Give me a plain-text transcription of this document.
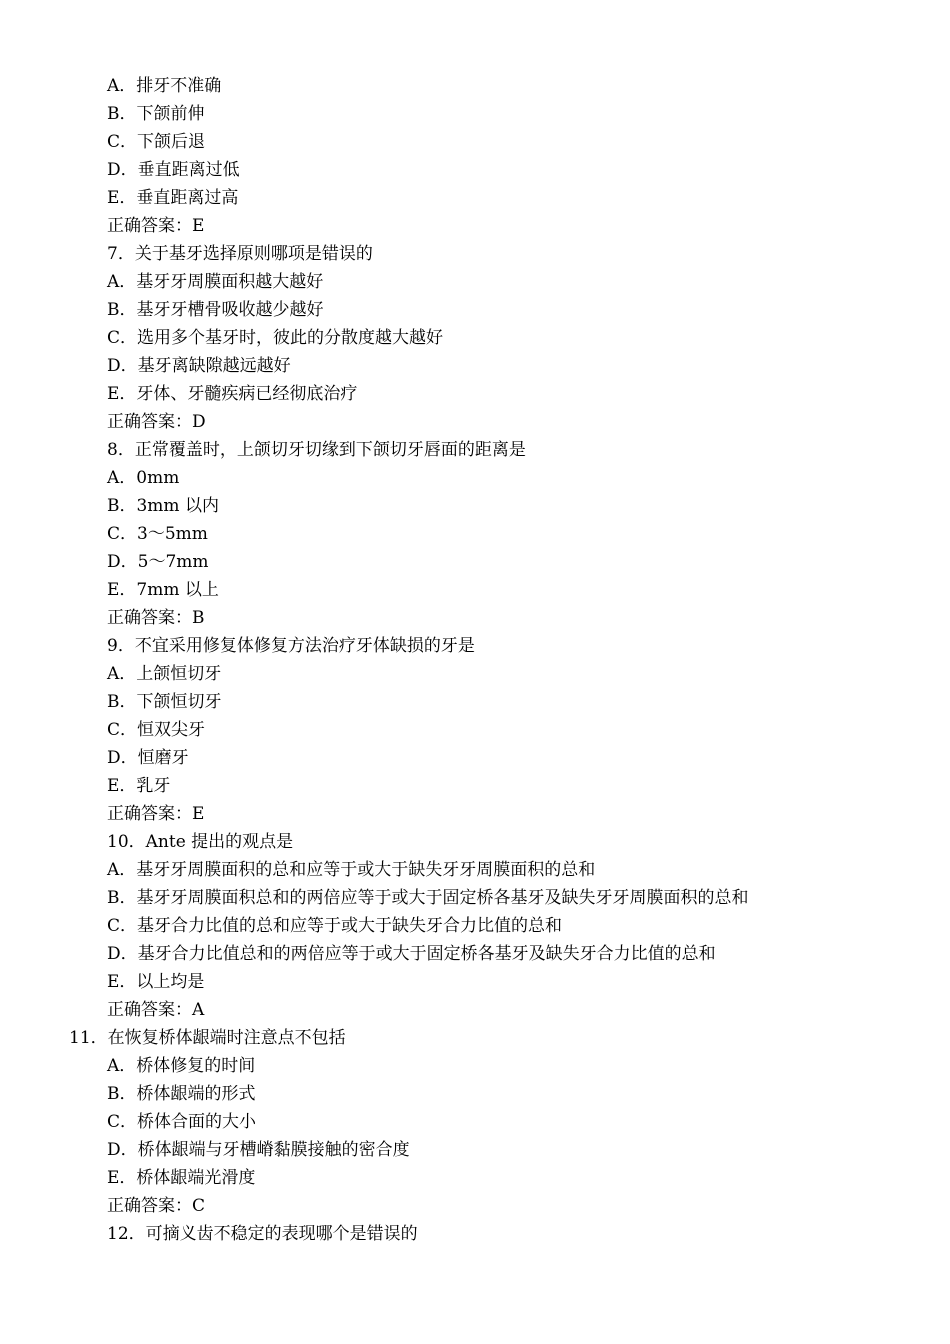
A．排牙不准确
B．下颌前伸
C．下颌后退
D．垂直距离过低
E．垂直距离过高
正确答案：E
7．关于基牙选择原则哪项是错误的
A．基牙牙周膜面积越大越好
B．基牙牙槽骨吸收越少越好
C．选用多个基牙时，彼此的分散度越大越好
D．基牙离缺隙越远越好
E．牙体、牙髓疾病已经彻底治疗
正确答案：D
8．正常覆盖时，上颌切牙切缘到下颌切牙唇面的距离是
A．0mm
B．3mm 以内
C．3～5mm
D．5～7mm
E．7mm 以上
正确答案：B
9．不宜采用修复体修复方法治疗牙体缺损的牙是
A．上颌恒切牙
B．下颌恒切牙
C．恒双尖牙
D．恒磨牙
E．乳牙
正确答案：E
10．Ante 提出的观点是
A．基牙牙周膜面积的总和应等于或大于缺失牙牙周膜面积的总和
B．基牙牙周膜面积总和的两倍应等于或大于固定桥各基牙及缺失牙牙周膜面积的总和
C．基牙合力比值的总和应等于或大于缺失牙合力比值的总和
D．基牙合力比值总和的两倍应等于或大于固定桥各基牙及缺失牙合力比值的总和
E．以上均是
正确答案：A
11．在恢复桥体龈端时注意点不包括
A．桥体修复的时间
B．桥体龈端的形式
C．桥体合面的大小
D．桥体龈端与牙槽嵴黏膜接触的密合度
E．桥体龈端光滑度
正确答案：C
12．可摘义齿不稳定的表现哪个是错误的
